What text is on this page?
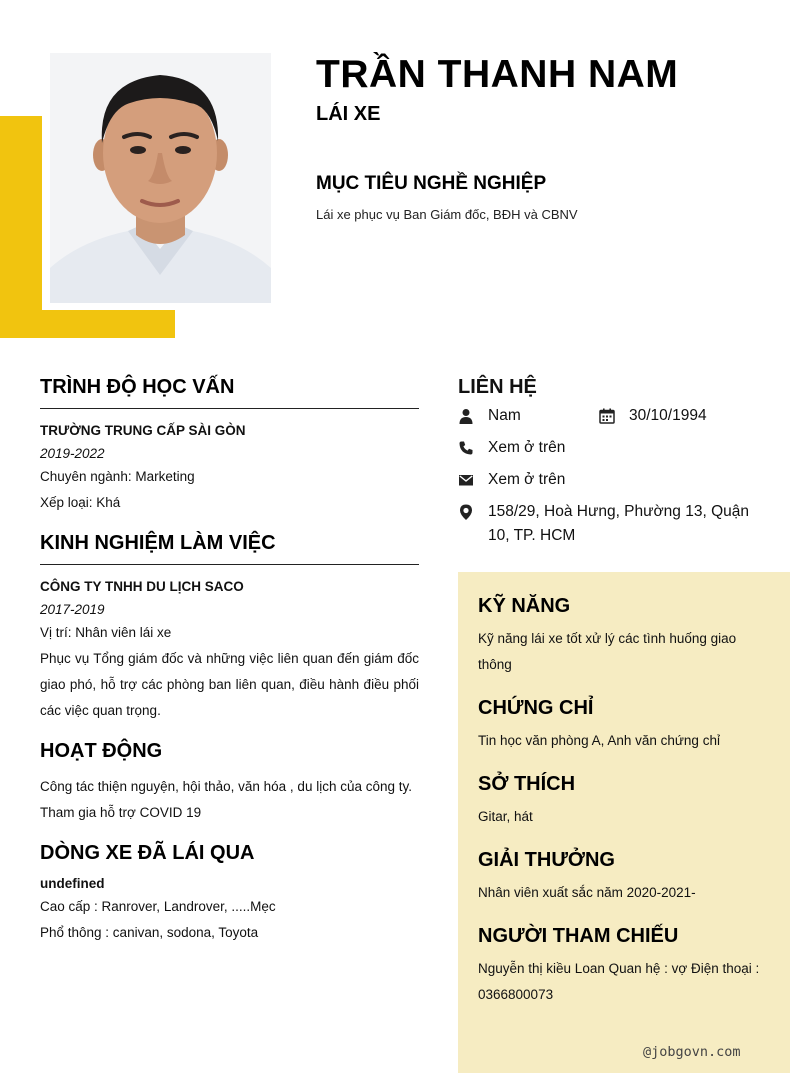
TRẦN THANH NAM
LÁI XE
MỤC TIÊU NGHỀ NGHIỆP
Lái xe phục vụ Ban Giám đốc, BĐH và CBNV
TRÌNH ĐỘ HỌC VẤN
TRƯỜNG TRUNG CẤP SÀI GÒN
2019-2022
Chuyên ngành: Marketing
Xếp loại: Khá
KINH NGHIỆM LÀM VIỆC
CÔNG TY TNHH DU LỊCH SACO
2017-2019
Vị trí: Nhân viên lái xe
Phục vụ Tổng giám đốc và những việc liên quan đến giám đốc giao phó, hỗ trợ các phòng ban liên quan, điều hành điều phối các việc quan trọng.
HOẠT ĐỘNG
Công tác thiện nguyện, hội thảo, văn hóa , du lịch của công ty.
Tham gia hỗ trợ COVID 19
DÒNG XE ĐÃ LÁI QUA
undefined
Cao cấp : Ranrover, Landrover, .....Mẹc
Phổ thông : canivan, sodona, Toyota
LIÊN HỆ
Nam	30/10/1994
Xem ở trên
Xem ở trên
158/29, Hoà Hưng, Phường 13, Quận 10, TP. HCM
KỸ NĂNG
Kỹ năng lái xe tốt xử lý các tình huống giao thông
CHỨNG CHỈ
Tin học văn phòng A, Anh văn chứng chỉ
SỞ THÍCH
Gitar, hát
GIẢI THƯỞNG
Nhân viên xuất sắc năm 2020-2021-
NGƯỜI THAM CHIẾU
Nguyễn thị kiều Loan Quan hệ : vợ Điện thoại : 0366800073
@jobgovn.com
